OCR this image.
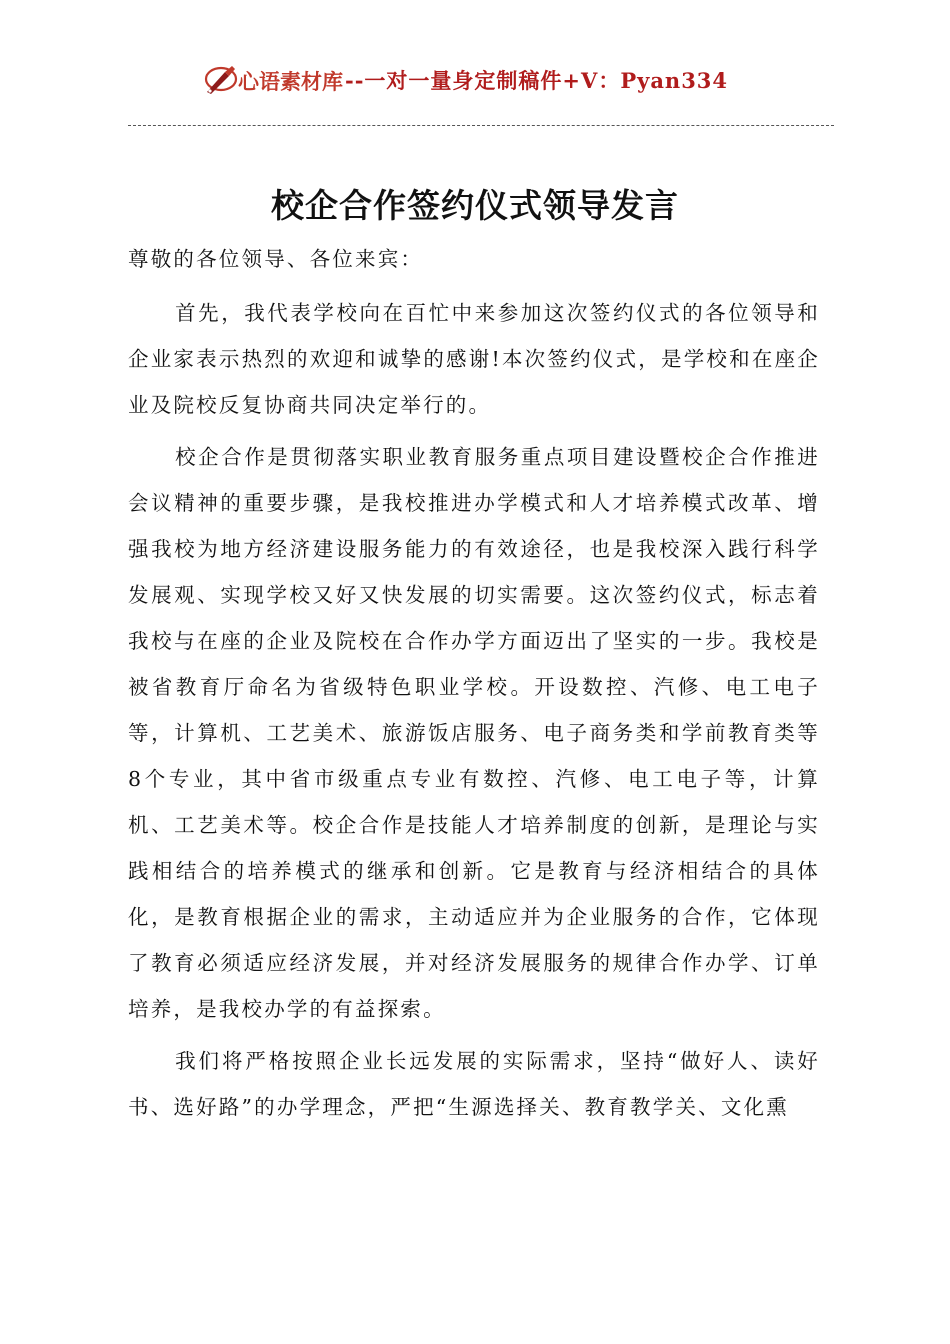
心语素材库 --一对一量身定制稿件+V：Pyan334
校企合作签约仪式领导发言

尊敬的各位领导、各位来宾：

首先，我代表学校向在百忙中来参加这次签约仪式的各位领导和企业家表示热烈的欢迎和诚挚的感谢!本次签约仪式，是学校和在座企业及院校反复协商共同决定举行的。

校企合作是贯彻落实职业教育服务重点项目建设暨校企合作推进会议精神的重要步骤，是我校推进办学模式和人才培养模式改革、增强我校为地方经济建设服务能力的有效途径，也是我校深入践行科学发展观、实现学校又好又快发展的切实需要。这次签约仪式，标志着我校与在座的企业及院校在合作办学方面迈出了坚实的一步。我校是被省教育厅命名为省级特色职业学校。开设数控、汽修、电工电子等，计算机、工艺美术、旅游饭店服务、电子商务类和学前教育类等8个专业，其中省市级重点专业有数控、汽修、电工电子等，计算机、工艺美术等。校企合作是技能人才培养制度的创新，是理论与实践相结合的培养模式的继承和创新。它是教育与经济相结合的具体化，是教育根据企业的需求，主动适应并为企业服务的合作，它体现了教育必须适应经济发展，并对经济发展服务的规律合作办学、订单培养，是我校办学的有益探索。

我们将严格按照企业长远发展的实际需求，坚持“做好人、读好书、选好路”的办学理念，严把“生源选择关、教育教学关、文化熏
